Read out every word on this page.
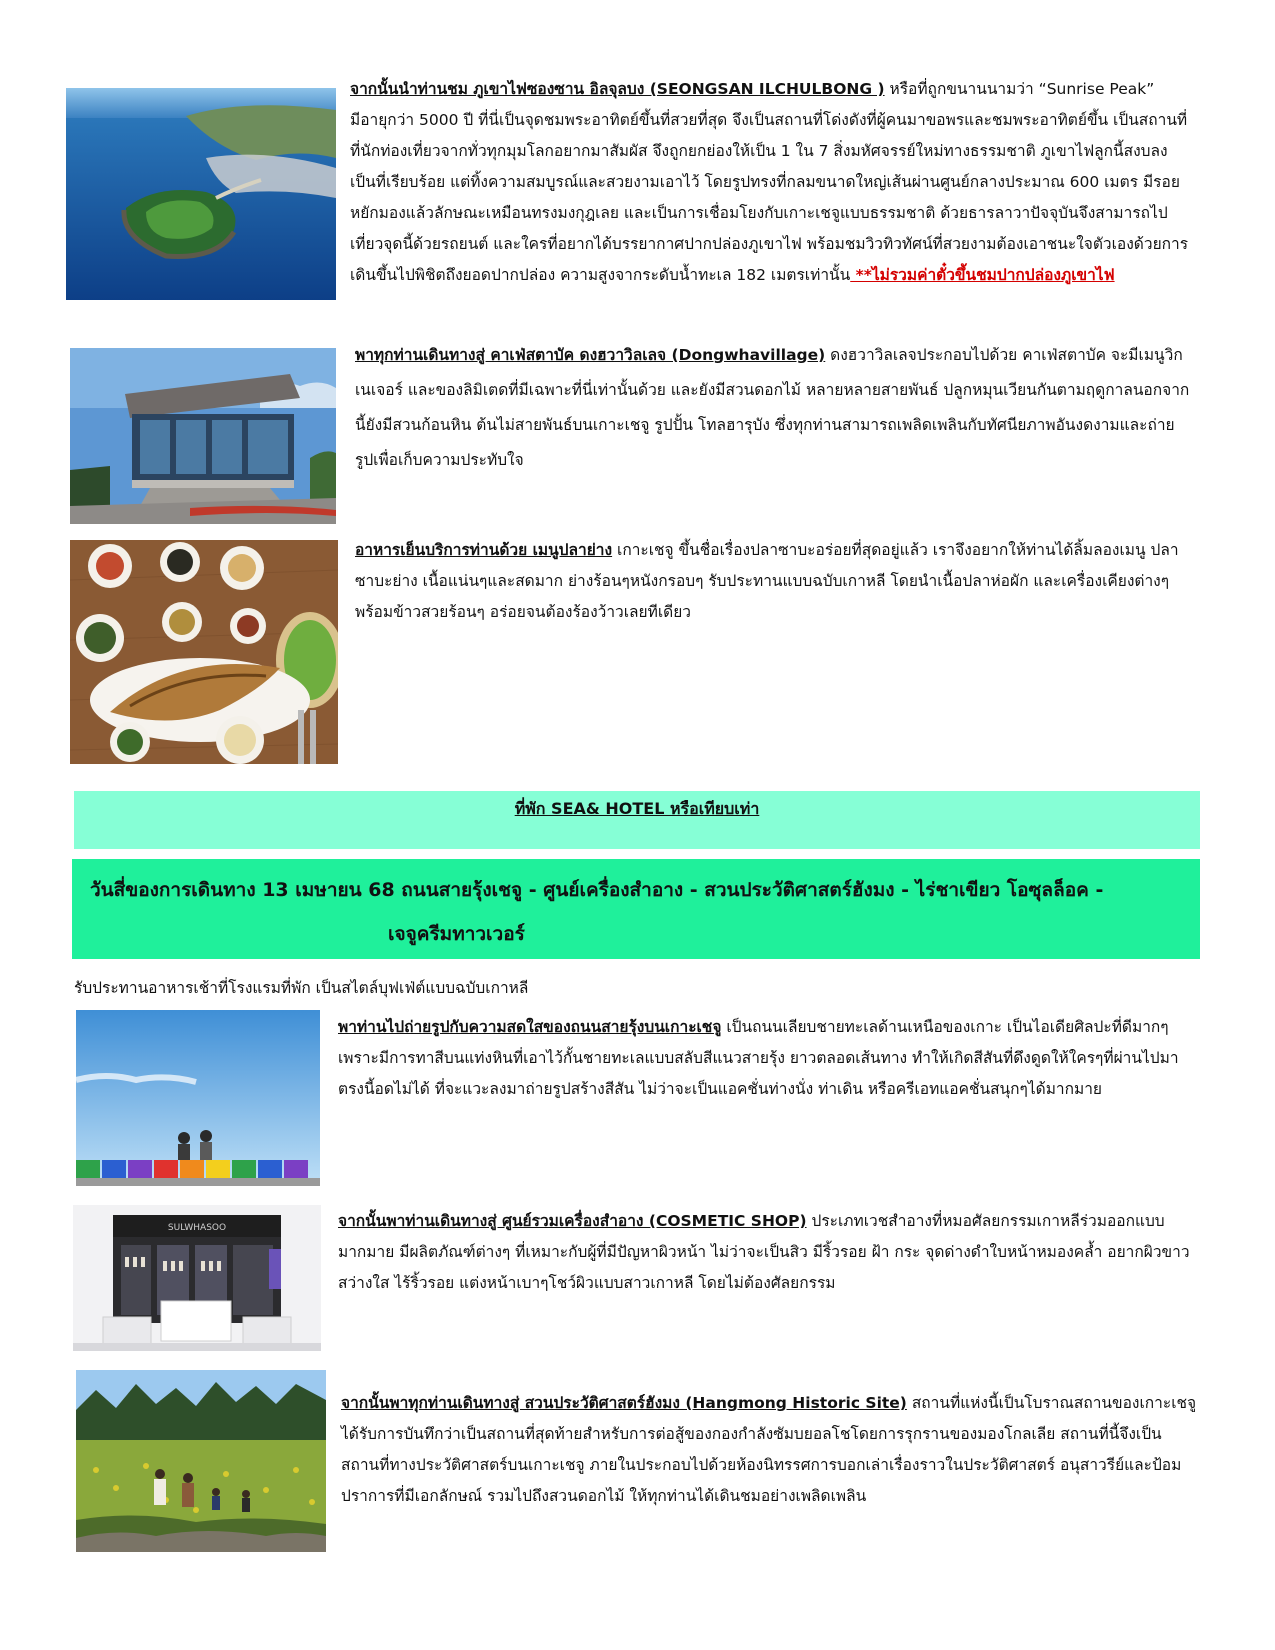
จากนั้นนำท่านชม ภูเขาไฟซองซาน อิลจุลบง (SEONGSAN ILCHULBONG ) หรือที่ถูกขนานนามว่า “Sunrise Peak” มีอายุกว่า 5000 ปี ที่นี่เป็นจุดชมพระอาทิตย์ขึ้นที่สวยที่สุด จึงเป็นสถานที่โด่งดังที่ผู้คนมาขอพรและชมพระอาทิตย์ขึ้น เป็นสถานที่ที่นักท่องเที่ยวจากทั่วทุกมุมโลกอยากมาสัมผัส จึงถูกยกย่องให้เป็น 1 ใน 7 สิ่งมหัศจรรย์ใหม่ทางธรรมชาติ ภูเขาไฟลูกนี้สงบลงเป็นที่เรียบร้อย แต่ทิ้งความสมบูรณ์และสวยงามเอาไว้ โดยรูปทรงที่กลมขนาดใหญ่เส้นผ่านศูนย์กลางประมาณ 600 เมตร มีรอยหยักมองแล้วลักษณะเหมือนทรงมงกุฎเลย และเป็นการเชื่อมโยงกับเกาะเชจูแบบธรรมชาติ ด้วยธารลาวาปัจจุบันจึงสามารถไปเที่ยวจุดนี้ด้วยรถยนต์ และใครที่อยากได้บรรยากาศปากปล่องภูเขาไฟ พร้อมชมวิวทิวทัศน์ที่สวยงามต้องเอาชนะใจตัวเองด้วยการเดินขึ้นไปพิชิตถึงยอดปากปล่อง ความสูงจากระดับน้ำทะเล 182 เมตรเท่านั้น **ไม่รวมค่าตั๋วขึ้นชมปากปล่องภูเขาไฟ
พาทุกท่านเดินทางสู่ คาเฟ่สตาบัค ดงฮวาวิลเลจ (Dongwhavillage) ดงฮวาวิลเลจประกอบไปด้วย คาเฟ่สตาบัค จะมีเมนูวิกเนเจอร์ และของลิมิเตดที่มีเฉพาะที่นี่เท่านั้นด้วย และยังมีสวนดอกไม้ หลายหลายสายพันธ์ ปลูกหมุนเวียนกันตามฤดูกาลนอกจากนี้ยังมีสวนก้อนหิน ต้นไม่สายพันธ์บนเกาะเชจู รูปปั้น โทลฮารุบัง ซึ่งทุกท่านสามารถเพลิดเพลินกับทัศนียภาพอันงดงามและถ่ายรูปเพื่อเก็บความประทับใจ
อาหารเย็นบริการท่านด้วย เมนูปลาย่าง เกาะเชจู ขึ้นชื่อเรื่องปลาซาบะอร่อยที่สุดอยู่แล้ว เราจึงอยากให้ท่านได้ลิ้มลองเมนู ปลาซาบะย่าง เนื้อแน่นๆและสดมาก ย่างร้อนๆหนังกรอบๆ รับประทานแบบฉบับเกาหลี โดยนำเนื้อปลาห่อผัก และเครื่องเคียงต่างๆ พร้อมข้าวสวยร้อนๆ อร่อยจนต้องร้องว้าวเลยทีเดียว
ที่พัก SEA& HOTEL หรือเทียบเท่า
วันสี่ของการเดินทาง 13 เมษายน 68 ถนนสายรุ้งเชจู - ศูนย์เครื่องสำอาง - สวนประวัติศาสตร์ฮังมง - ไร่ชาเขียว โอซุลล็อค -
เจจูครีมทาวเวอร์
รับประทานอาหารเช้าที่โรงแรมที่พัก เป็นสไตล์บุฟเฟ่ต์แบบฉบับเกาหลี
พาท่านไปถ่ายรูปกับความสดใสของถนนสายรุ้งบนเกาะเชจู เป็นถนนเลียบชายทะเลด้านเหนือของเกาะ เป็นไอเดียศิลปะที่ดีมากๆ เพราะมีการทาสีบนแท่งหินที่เอาไว้กั้นชายทะเลแบบสลับสีแนวสายรุ้ง ยาวตลอดเส้นทาง ทำให้เกิดสีสันที่ดึงดูดให้ใครๆที่ผ่านไปมาตรงนี้อดไม่ได้ ที่จะแวะลงมาถ่ายรูปสร้างสีสัน ไม่ว่าจะเป็นแอคชั่นท่างนั่ง ท่าเดิน หรือครีเอทแอคชั่นสนุกๆได้มากมาย
SULWHASOO	จากนั้นพาท่านเดินทางสู่ ศูนย์รวมเครื่องสำอาง (COSMETIC SHOP) ประเภทเวชสำอางที่หมอศัลยกรรมเกาหลีร่วมออกแบบมากมาย มีผลิตภัณฑ์ต่างๆ ที่เหมาะกับผู้ที่มีปัญหาผิวหน้า ไม่ว่าจะเป็นสิว มีริ้วรอย ฝ้า กระ จุดด่างดำใบหน้าหมองคล้ำ อยากผิวขาวสว่างใส ไร้ริ้วรอย แต่งหน้าเบาๆโชว์ผิวแบบสาวเกาหลี โดยไม่ต้องศัลยกรรม
จากนั้นพาทุกท่านเดินทางสู่ สวนประวัติศาสตร์ฮังมง (Hangmong Historic Site) สถานที่แห่งนี้เป็นโบราณสถานของเกาะเชจู ได้รับการบันทึกว่าเป็นสถานที่สุดท้ายสำหรับการต่อสู้ของกองกำลังซัมบยอลโชโดยการรุกรานของมองโกลเลีย สถานที่นี้จึงเป็นสถานที่ทางประวัติศาสตร์บนเกาะเชจู ภายในประกอบไปด้วยห้องนิทรรศการบอกเล่าเรื่องราวในประวัติศาสตร์ อนุสาวรีย์และป้อมปราการที่มีเอกลักษณ์ รวมไปถึงสวนดอกไม้ ให้ทุกท่านได้เดินชมอย่างเพลิดเพลิน
